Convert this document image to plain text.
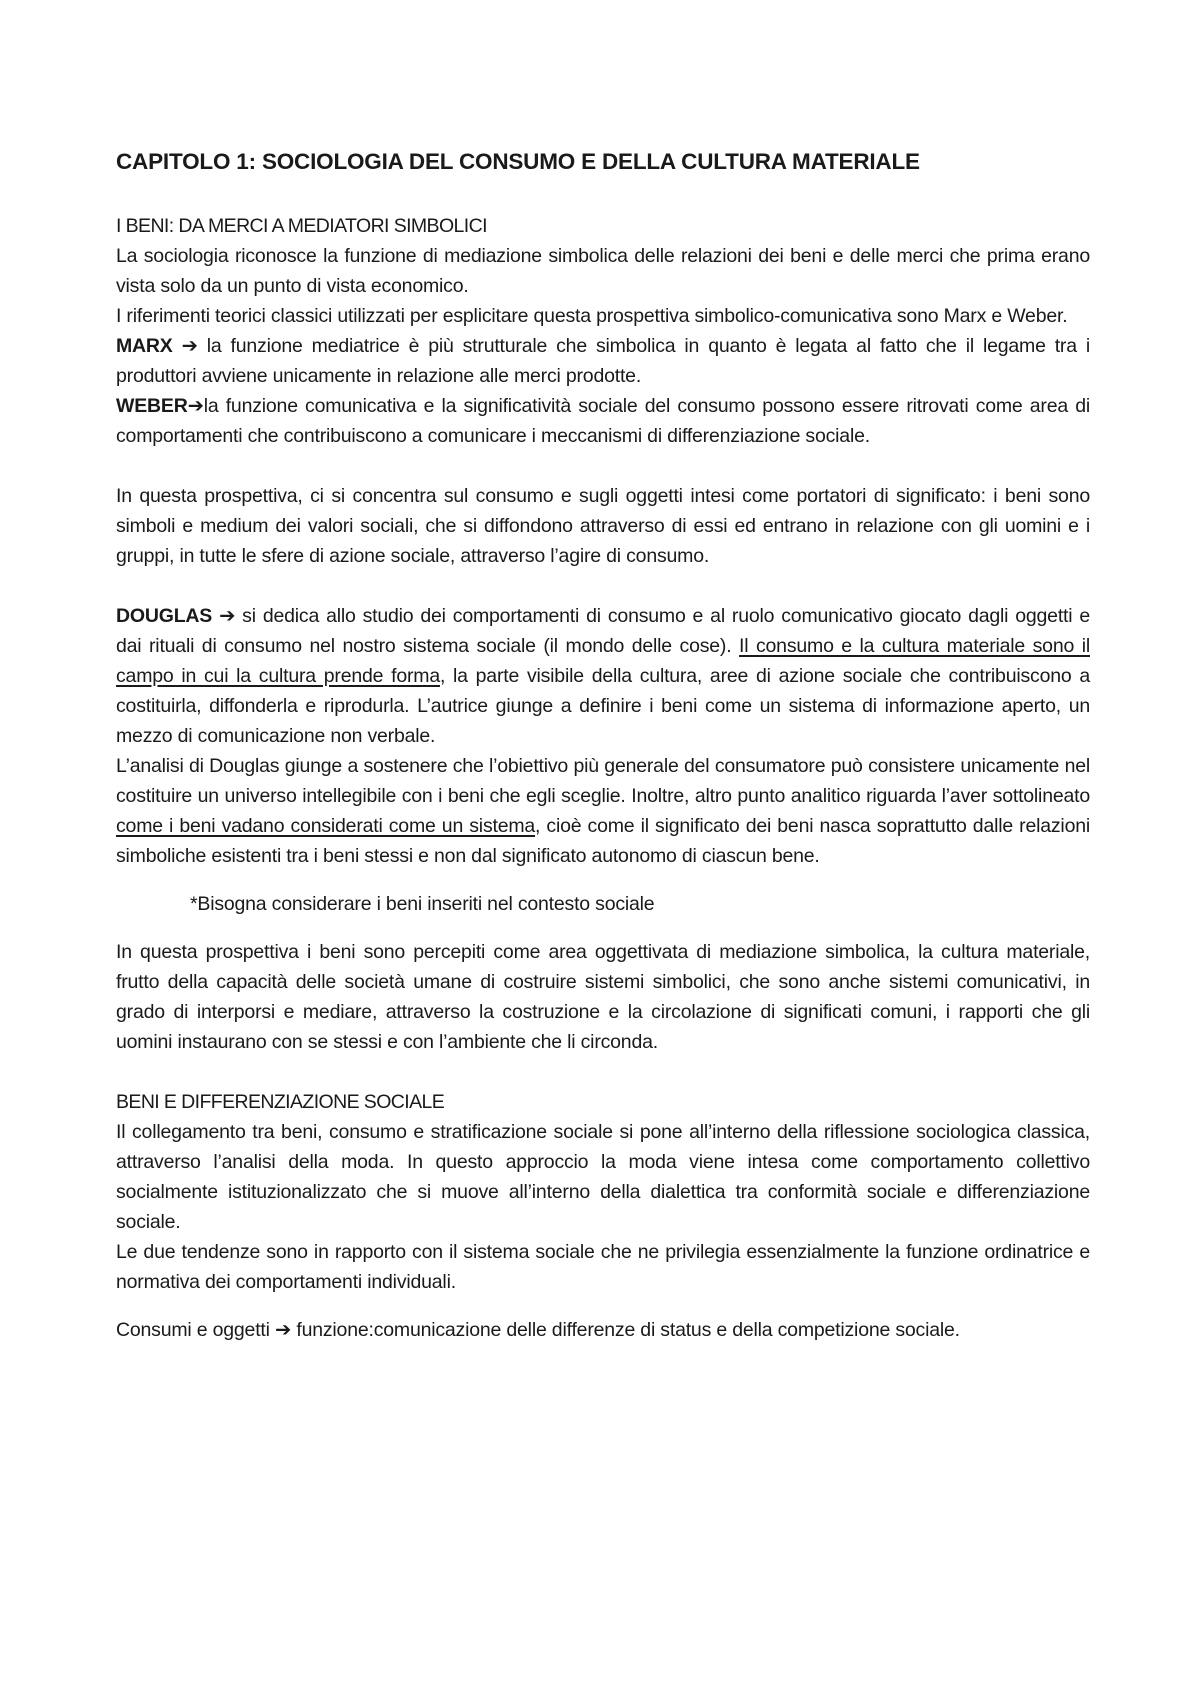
CAPITOLO 1: SOCIOLOGIA DEL CONSUMO E DELLA CULTURA MATERIALE
I BENI: DA MERCI A MEDIATORI SIMBOLICI

La sociologia riconosce la funzione di mediazione simbolica delle relazioni dei beni e delle merci che prima erano vista solo da un punto di vista economico.

I riferimenti teorici classici utilizzati per esplicitare questa prospettiva simbolico-comunicativa sono Marx e Weber.

MARX ➔ la funzione mediatrice è più strutturale che simbolica in quanto è legata al fatto che il legame tra i produttori avviene unicamente in relazione alle merci prodotte.

WEBER➔la funzione comunicativa e la significatività sociale del consumo possono essere ritrovati come area di comportamenti che contribuiscono a comunicare i meccanismi di differenziazione sociale.

In questa prospettiva, ci si concentra sul consumo e sugli oggetti intesi come portatori di significato: i beni sono simboli e medium dei valori sociali, che si diffondono attraverso di essi ed entrano in relazione con gli uomini e i gruppi, in tutte le sfere di azione sociale, attraverso l’agire di consumo.

DOUGLAS ➔ si dedica allo studio dei comportamenti di consumo e al ruolo comunicativo giocato dagli oggetti e dai rituali di consumo nel nostro sistema sociale (il mondo delle cose). Il consumo e la cultura materiale sono il campo in cui la cultura prende forma, la parte visibile della cultura, aree di azione sociale che contribuiscono a costituirla, diffonderla e riprodurla. L’autrice giunge a definire i beni come un sistema di informazione aperto, un mezzo di comunicazione non verbale.

L’analisi di Douglas giunge a sostenere che l’obiettivo più generale del consumatore può consistere unicamente nel costituire un universo intellegibile con i beni che egli sceglie. Inoltre, altro punto analitico riguarda l’aver sottolineato come i beni vadano considerati come un sistema, cioè come il significato dei beni nasca soprattutto dalle relazioni simboliche esistenti tra i beni stessi e non dal significato autonomo di ciascun bene.

*Bisogna considerare i beni inseriti nel contesto sociale

In questa prospettiva i beni sono percepiti come area oggettivata di mediazione simbolica, la cultura materiale, frutto della capacità delle società umane di costruire sistemi simbolici, che sono anche sistemi comunicativi, in grado di interporsi e mediare, attraverso la costruzione e la circolazione di significati comuni, i rapporti che gli uomini instaurano con se stessi e con l’ambiente che li circonda.

BENI E DIFFERENZIAZIONE SOCIALE

Il collegamento tra beni, consumo e stratificazione sociale si pone all’interno della riflessione sociologica classica, attraverso l’analisi della moda. In questo approccio la moda viene intesa come comportamento collettivo socialmente istituzionalizzato che si muove all’interno della dialettica tra conformità sociale e differenziazione sociale.

Le due tendenze sono in rapporto con il sistema sociale che ne privilegia essenzialmente la funzione ordinatrice e normativa dei comportamenti individuali.

Consumi e oggetti ➔ funzione:comunicazione delle differenze di status e della competizione sociale.
